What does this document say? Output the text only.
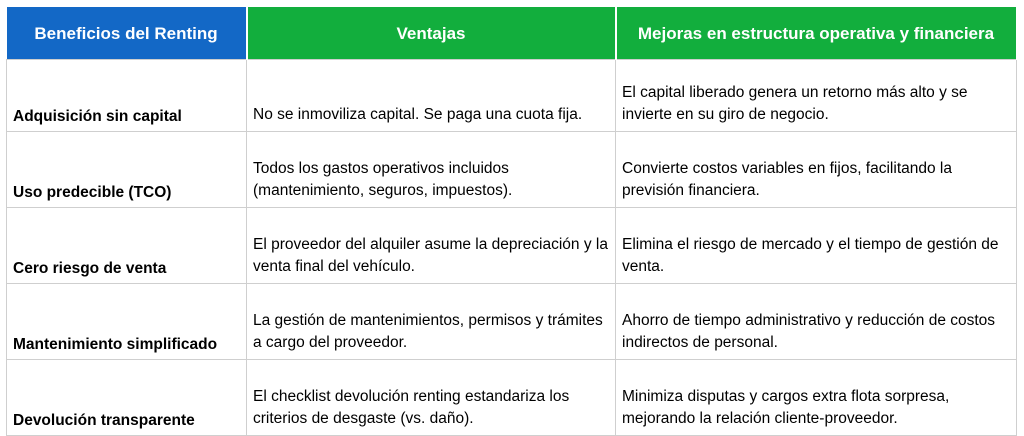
Beneficios del Renting	Ventajas	Mejoras en estructura operativa y financiera
Adquisición sin capital	No se inmoviliza capital. Se paga una cuota fija.	El capital liberado genera un retorno más alto y se invierte en su giro de negocio.
Uso predecible (TCO)	Todos los gastos operativos incluidos (mantenimiento, seguros, impuestos).	Convierte costos variables en fijos, facilitando la previsión financiera.
Cero riesgo de venta	El proveedor del alquiler asume la depreciación y la venta final del vehículo.	Elimina el riesgo de mercado y el tiempo de gestión de venta.
Mantenimiento simplificado	La gestión de mantenimientos, permisos y trámites a cargo del proveedor.	Ahorro de tiempo administrativo y reducción de costos indirectos de personal.
Devolución transparente	El checklist devolución renting estandariza los criterios de desgaste (vs. daño).	Minimiza disputas y cargos extra flota sorpresa, mejorando la relación cliente-proveedor.
